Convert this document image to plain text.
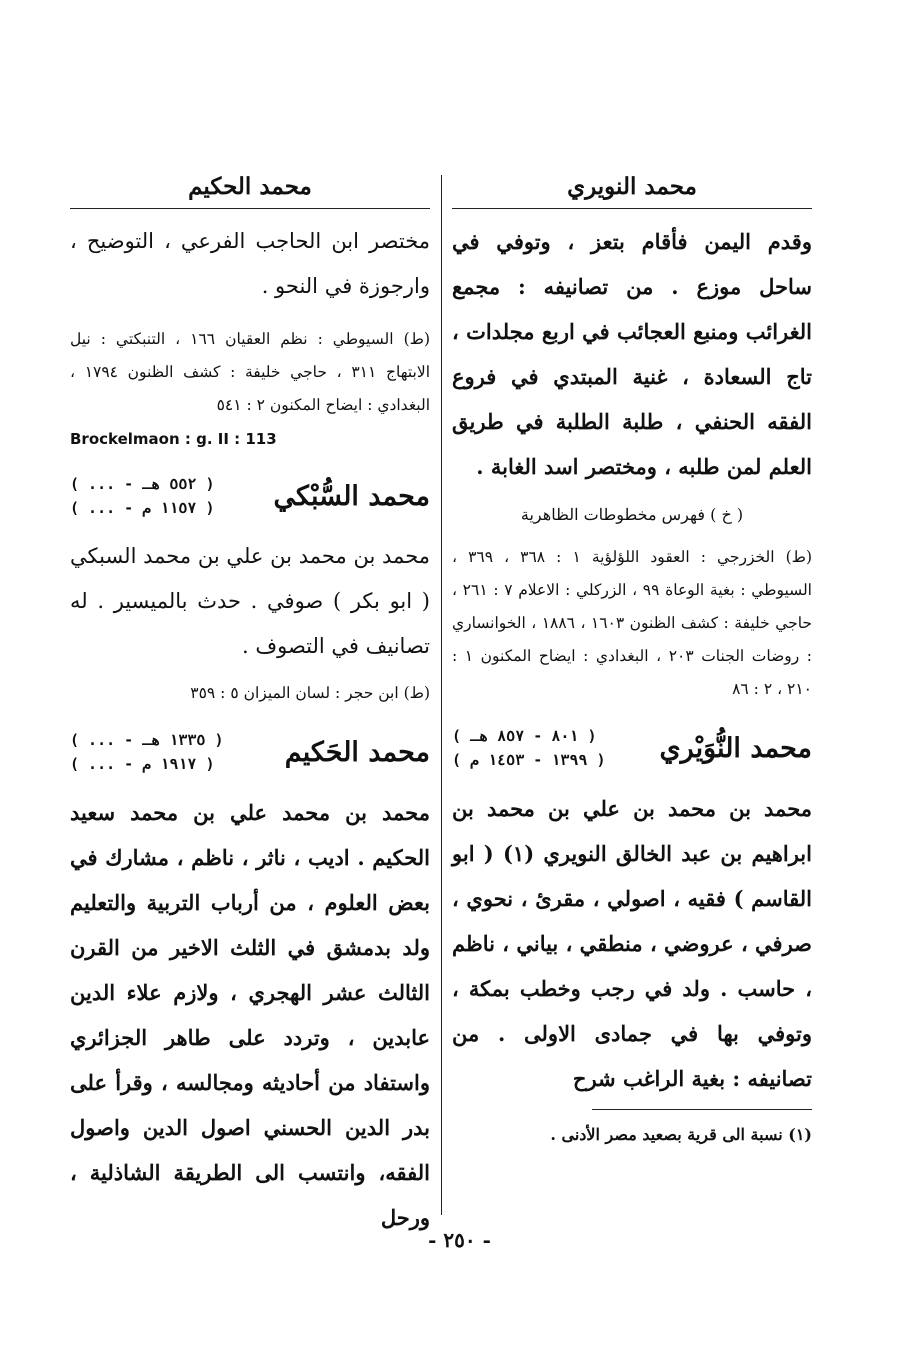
محمد النويري

وقدم اليمن فأقام بتعز ، وتوفي في ساحل موزع . من تصانيفه : مجمع الغرائب ومنبع العجائب في اربع مجلدات ، تاج السعادة ، غنية المبتدي في فروع الفقه الحنفي ، طلبة الطلبة في طريق العلم لمن طلبه ، ومختصر اسد الغابة .

( خ ) فهرس مخطوطات الظاهرية

(ط) الخزرجي : العقود اللؤلؤية ١ : ٣٦٨ ، ٣٦٩ ، السيوطي : بغية الوعاة ٩٩ ، الزركلي : الاعلام ٧ : ٢٦١ ، حاجي خليفة : كشف الظنون ١٦٠٣ ، ١٨٨٦ ، الخوانساري : روضات الجنات ٢٠٣ ، البغدادي : ايضاح المكنون ١ : ٢١٠ ، ٢ : ٨٦

محمد النُّوَيْري
( ٨٠١ - ٨٥٧ هـ )
( ١٣٩٩ - ١٤٥٣ م )

محمد بن محمد بن علي بن محمد بن ابراهيم بن عبد الخالق النويري (١) ( ابو القاسم ) فقيه ، اصولي ، مقرئ ، نحوي ، صرفي ، عروضي ، منطقي ، بياني ، ناظم ، حاسب . ولد في رجب وخطب بمكة ، وتوفي بها في جمادى الاولى . من تصانيفه : بغية الراغب شرح

(١) نسبة الى قرية بصعيد مصر الأدنى .

محمد الحكيم

مختصر ابن الحاجب الفرعي ، التوضيح ، وارجوزة في النحو .

(ط) السيوطي : نظم العقيان ١٦٦ ، التنبكتي : نيل الابتهاج ٣١١ ، حاجي خليفة : كشف الظنون ١٧٩٤ ، البغدادي : ايضاح المكنون ٢ : ٥٤١

Brockelmaon : g. II : 113

محمد السُّبْكي
( ... - ٥٥٢ هـ )
( ... - ١١٥٧ م )

محمد بن محمد بن علي بن محمد السبكي ( ابو بكر ) صوفي . حدث بالميسير . له تصانيف في التصوف .

(ط) ابن حجر : لسان الميزان ٥ : ٣٥٩

محمد الحَكيم
( ... - ١٣٣٥ هـ )
( ... - ١٩١٧ م )

محمد بن محمد علي بن محمد سعيد الحكيم . اديب ، ناثر ، ناظم ، مشارك في بعض العلوم ، من أرباب التربية والتعليم ولد بدمشق في الثلث الاخير من القرن الثالث عشر الهجري ، ولازم علاء الدين عابدين ، وتردد على طاهر الجزائري واستفاد من أحاديثه ومجالسه ، وقرأ على بدر الدين الحسني اصول الدين واصول الفقه، وانتسب الى الطريقة الشاذلية ، ورحل

- ٢٥٠ -
